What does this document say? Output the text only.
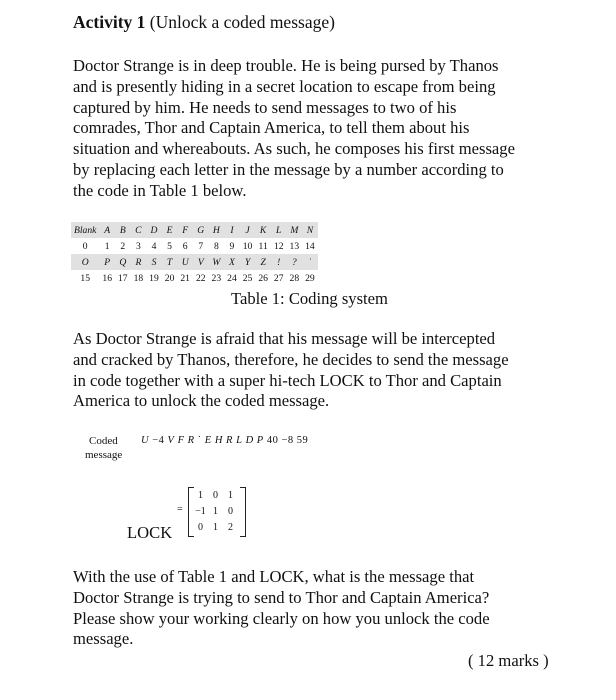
Activity 1 (Unlock a coded message)
Doctor Strange is in deep trouble. He is being pursed by Thanos
and is presently hiding in a secret location to escape from being
captured by him. He needs to send messages to two of his
comrades, Thor and Captain America, to tell them about his
situation and whereabouts. As such, he composes his first message
by replacing each letter in the message by a number according to
the code in Table 1 below.
Blank	A	B	C	D	E	F	G	H	I	J	K	L	M	N
0	1	2	3	4	5	6	7	8	9	10	11	12	13	14
O	P	Q	R	S	T	U	V	W	X	Y	Z	!	?	˙
15	16	17	18	19	20	21	22	23	24	25	26	27	28	29
Table 1: Coding system
As Doctor Strange is afraid that his message will be intercepted
and cracked by Thanos, therefore, he decides to send the message
in code together with a super hi-tech LOCK to Thor and Captain
America to unlock the coded message.
Coded
message
U −4 V F R ˙ E H R L D P 40 −8 59
LOCK
=
1	0	1
−1	1	0
0	1	2
With the use of Table 1 and LOCK, what is the message that
Doctor Strange is trying to send to Thor and Captain America?
Please show your working clearly on how you unlock the code
message.
( 12 marks )
